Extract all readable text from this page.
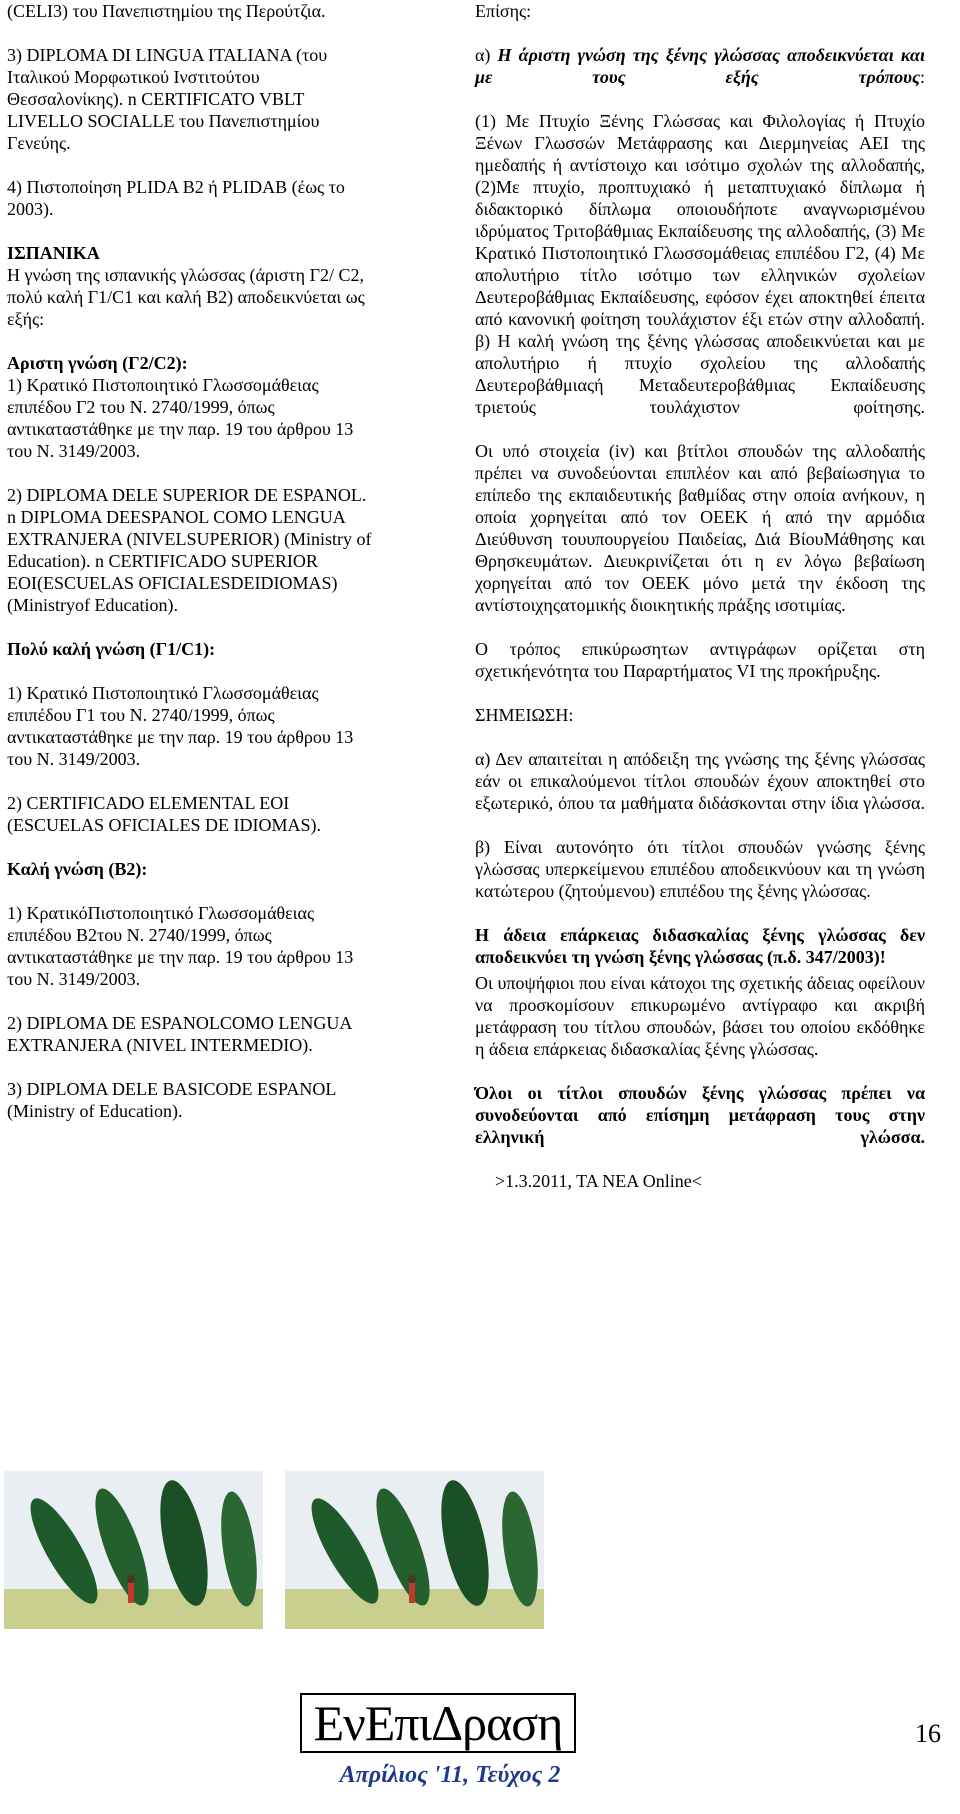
(CELI3) του Πανεπιστημίου της Περούτζια.

3) DIPLOMA DI LINGUA ITALIANA (του Ιταλικού Μορφωτικού Ινστιτούτου Θεσσαλονίκης). n CERTIFICATO VBLT LIVELLO SOCIALLE του Πανεπιστημίου Γενεύης.

4) Πιστοποίηση PLIDA B2 ή PLIDAB (έως το 2003).

ΙΣΠΑΝΙΚΑ

Η γνώση της ισπανικής γλώσσας (άριστη Γ2/ C2, πολύ καλή Γ1/C1 και καλή Β2) αποδεικνύεται ως εξής:

Αριστη γνώση (Γ2/C2):

1) Κρατικό Πιστοποιητικό Γλωσσομάθειας επιπέδου Γ2 του Ν. 2740/1999, όπως αντικαταστάθηκε με την παρ. 19 του άρθρου 13 του Ν. 3149/2003.

2) DIPLOMA DELE SUPERIOR DE ESPANOL. n DIPLOMA DEESPANOL COMO LENGUA EXTRANJERA (NIVELSUPERIOR) (Ministry of Education). n CERTIFICADO SUPERIOR EOI(ESCUELAS OFICIALESDEIDIOMAS)(Ministryof Education).

Πολύ καλή γνώση (Γ1/C1):

1) Κρατικό Πιστοποιητικό Γλωσσομάθειας επιπέδου Γ1 του Ν. 2740/1999, όπως αντικαταστάθηκε με την παρ. 19 του άρθρου 13 του Ν. 3149/2003.

2) CERTIFICADO ELEMENTAL EOI (ESCUELAS OFICIALES DE IDIOMAS).

Καλή γνώση (Β2):

1) ΚρατικόΠιστοποιητικό Γλωσσομάθειας επιπέδου Β2του Ν. 2740/1999, όπως αντικαταστάθηκε με την παρ. 19 του άρθρου 13 του Ν. 3149/2003.

2) DIPLOMA DE ESPANOLCOMO LENGUA EXTRANJERA (NIVEL INTERMEDIO).

3) DIPLOMA DELE BASICODE ESPANOL (Ministry of Education).

Επίσης:

α) Η άριστη γνώση της ξένης γλώσσας αποδεικνύεται και με τους εξής τρόπους:

(1) Με Πτυχίο Ξένης Γλώσσας και Φιλολογίας ή Πτυχίο Ξένων Γλωσσών Μετάφρασης και Διερμηνείας ΑΕΙ της ημεδαπής ή αντίστοιχο και ισότιμο σχολών της αλλοδαπής, (2)Με πτυχίο, προπτυχιακό ή μεταπτυχιακό δίπλωμα ή διδακτορικό δίπλωμα οποιουδήποτε αναγνωρισμένου ιδρύματος Τριτοβάθμιας Εκπαίδευσης της αλλοδαπής, (3) Με Κρατικό Πιστοποιητικό Γλωσσομάθειας επιπέδου Γ2, (4) Με απολυτήριο τίτλο ισότιμο των ελληνικών σχολείων Δευτεροβάθμιας Εκπαίδευσης, εφόσον έχει αποκτηθεί έπειτα από κανονική φοίτηση τουλάχιστον έξι ετών στην αλλοδαπή. β) Η καλή γνώση της ξένης γλώσσας αποδεικνύεται και με απολυτήριο ή πτυχίο σχολείου της αλλοδαπής Δευτεροβάθμιαςή Μεταδευτεροβάθμιας Εκπαίδευσης τριετούς τουλάχιστον φοίτησης.

Οι υπό στοιχεία (iv) και βτίτλοι σπουδών της αλλοδαπής πρέπει να συνοδεύονται επιπλέον και από βεβαίωσηγια το επίπεδο της εκπαιδευτικής βαθμίδας στην οποία ανήκουν, η οποία χορηγείται από τον ΟΕΕΚ ή από την αρμόδια Διεύθυνση τουυπουργείου Παιδείας, Διά ΒίουΜάθησης και Θρησκευμάτων. Διευκρινίζεται ότι η εν λόγω βεβαίωση χορηγείται από τον ΟΕΕΚ μόνο μετά την έκδοση της αντίστοιχηςατομικής διοικητικής πράξης ισοτιμίας.

Ο τρόπος επικύρωσητων αντιγράφων ορίζεται στη σχετικήενότητα του Παραρτήματος VI της προκήρυξης.

ΣΗΜΕΙΩΣΗ:

α) Δεν απαιτείται η απόδειξη της γνώσης της ξένης γλώσσας εάν οι επικαλούμενοι τίτλοι σπουδών έχουν αποκτηθεί στο εξωτερικό, όπου τα μαθήματα διδάσκονται στην ίδια γλώσσα.

β) Είναι αυτονόητο ότι τίτλοι σπουδών γνώσης ξένης γλώσσας υπερκείμενου επιπέδου αποδεικνύουν και τη γνώση κατώτερου (ζητούμενου) επιπέδου της ξένης γλώσσας.

Η άδεια επάρκειας διδασκαλίας ξένης γλώσσας δεν αποδεικνύει τη γνώση ξένης γλώσσας (π.δ. 347/2003)!

Οι υποψήφιοι που είναι κάτοχοι της σχετικής άδειας οφείλουν να προσκομίσουν επικυρωμένο αντίγραφο και ακριβή μετάφραση του τίτλου σπουδών, βάσει του οποίου εκδόθηκε η άδεια επάρκειας διδασκαλίας ξένης γλώσσας.

Όλοι οι τίτλοι σπουδών ξένης γλώσσας πρέπει να συνοδεύονται από επίσημη μετάφραση τους στην ελληνική γλώσσα.

>1.3.2011, TA NEA Online<

ΕνΕπιΔραση
Απρίλιος '11, Τεύχος 2
16
